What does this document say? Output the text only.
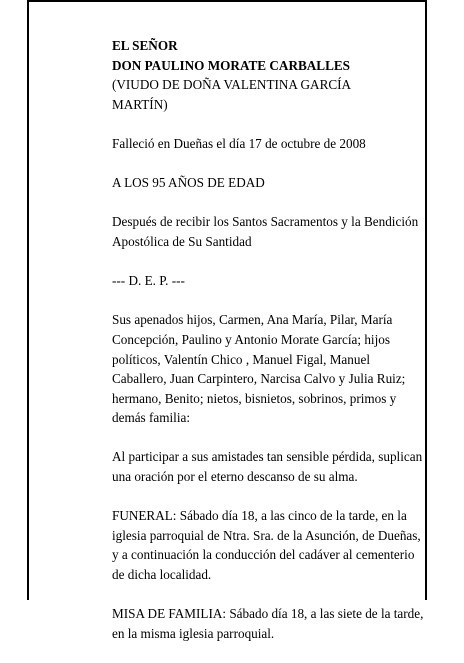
EL SEÑOR
DON PAULINO MORATE CARBALLES
(VIUDO DE DOÑA VALENTINA GARCÍA
MARTÍN)

Falleció en Dueñas el día 17 de octubre de 2008

A LOS 95 AÑOS DE EDAD

Después de recibir los Santos Sacramentos y la Bendición Apostólica de Su Santidad

--- D. E. P. ---

Sus apenados hijos, Carmen, Ana María, Pilar, María Concepción, Paulino y Antonio Morate García; hijos políticos, Valentín Chico , Manuel Figal, Manuel Caballero, Juan Carpintero, Narcisa Calvo y Julia Ruiz; hermano, Benito; nietos, bisnietos, sobrinos, primos y demás familia:

Al participar a sus amistades tan sensible pérdida, suplican una oración por el eterno descanso de su alma.

FUNERAL: Sábado día 18, a las cinco de la tarde, en la iglesia parroquial de Ntra. Sra. de la Asunción, de Dueñas, y a continuación la conducción del cadáver al cementerio de dicha localidad.

MISA DE FAMILIA: Sábado día 18, a las siete de la tarde, en la misma iglesia parroquial.
